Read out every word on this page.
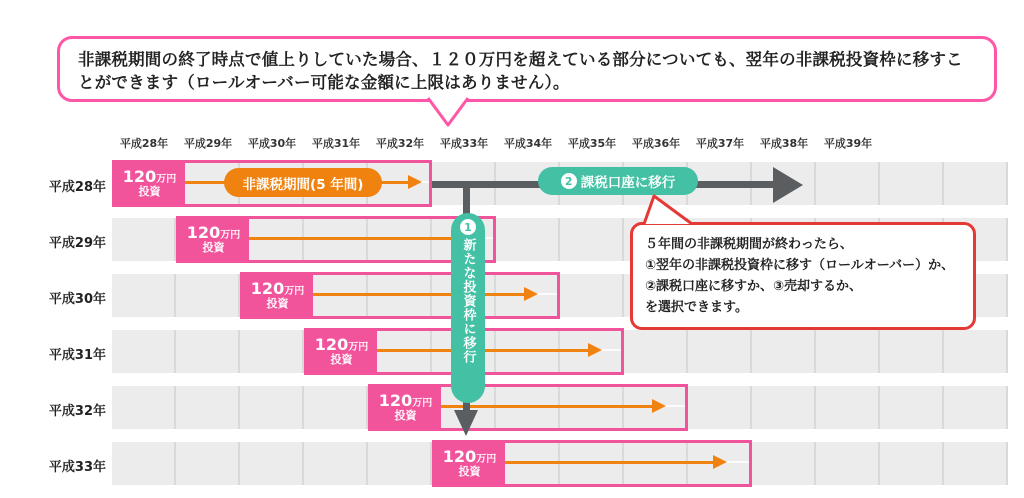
平成28年	平成29年	平成30年	平成31年	平成32年	平成33年	平成34年	平成35年	平成36年	平成37年	平成38年	平成39年
平成28年
平成29年
平成30年
平成31年
平成32年
平成33年
120万円
投資
120万円
投資
120万円
投資
120万円
投資
120万円
投資
120万円
投資
非課税期間(5 年間)	2 課税口座に移行
1
新たな投資枠に移行
非課税期間の終了時点で値上りしていた場合、１２０万円を超えている部分についても、翌年の非課税投資枠に移すことができます（ロールオーバー可能な金額に上限はありません）。
５年間の非課税期間が終わったら、
①翌年の非課税投資枠に移す（ロールオーバー）か、
②課税口座に移すか、③売却するか、
を選択できます。
